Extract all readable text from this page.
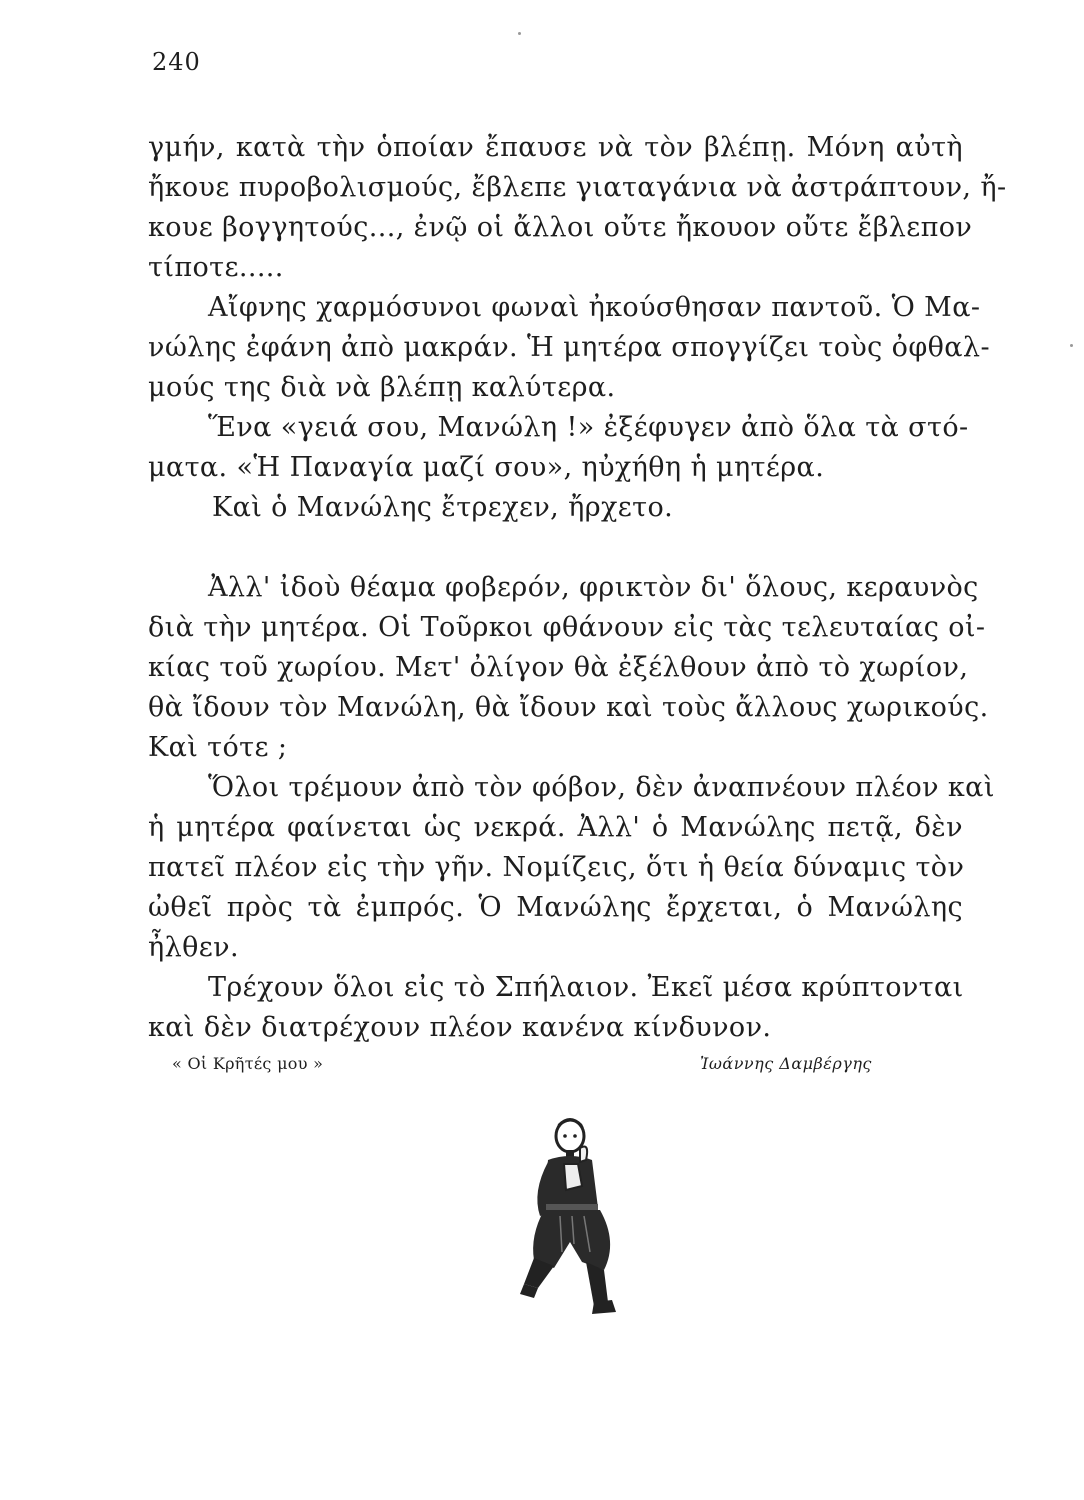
240
γμήν, κατὰ τὴν ὁποίαν ἔπαυσε νὰ τὸν βλέπῃ. Μόνη αὐτὴ
ἤκουε πυροβολισμούς, ἔβλεπε γιαταγάνια νὰ ἀστράπτουν, ἤ-
κουε βογγητούς..., ἐνῷ οἱ ἄλλοι οὔτε ἤκουον οὔτε ἔβλεπον
τίποτε.....
Αἴφνης χαρμόσυνοι φωναὶ ἠκούσθησαν παντοῦ. Ὁ Μα-
νώλης ἐφάνη ἀπὸ μακράν. Ἡ μητέρα σπογγίζει τοὺς ὀφθαλ-
μούς της διὰ νὰ βλέπῃ καλύτερα.
Ἕνα «γειά σου, Μανώλη !» ἐξέφυγεν ἀπὸ ὅλα τὰ στό-
ματα. «Ἡ Παναγία μαζί σου», ηὐχήθη ἡ μητέρα.
Καὶ ὁ Μανώλης ἔτρεχεν, ἤρχετο.
Ἀλλ' ἰδοὺ θέαμα φοβερόν, φρικτὸν δι' ὅλους, κεραυνὸς
διὰ τὴν μητέρα. Οἱ Τοῦρκοι φθάνουν εἰς τὰς τελευταίας οἰ-
κίας τοῦ χωρίου. Μετ' ὀλίγον θὰ ἐξέλθουν ἀπὸ τὸ χωρίον,
θὰ ἴδουν τὸν Μανώλη, θὰ ἴδουν καὶ τοὺς ἄλλους χωρικούς.
Καὶ τότε ;
Ὅλοι τρέμουν ἀπὸ τὸν φόβον, δὲν ἀναπνέουν πλέον καὶ
ἡ μητέρα φαίνεται ὡς νεκρά. Ἀλλ' ὁ Μανώλης πετᾷ, δὲν
πατεῖ πλέον εἰς τὴν γῆν. Νομίζεις, ὅτι ἡ θεία δύναμις τὸν
ὠθεῖ πρὸς τὰ ἐμπρός. Ὁ Μανώλης ἔρχεται, ὁ Μανώλης
ἦλθεν.
Τρέχουν ὅλοι εἰς τὸ Σπήλαιον. Ἐκεῖ μέσα κρύπτονται
καὶ δὲν διατρέχουν πλέον κανένα κίνδυνον.
« Οἱ Κρῆτές μου »	Ἰωάννης Δαμβέργης
